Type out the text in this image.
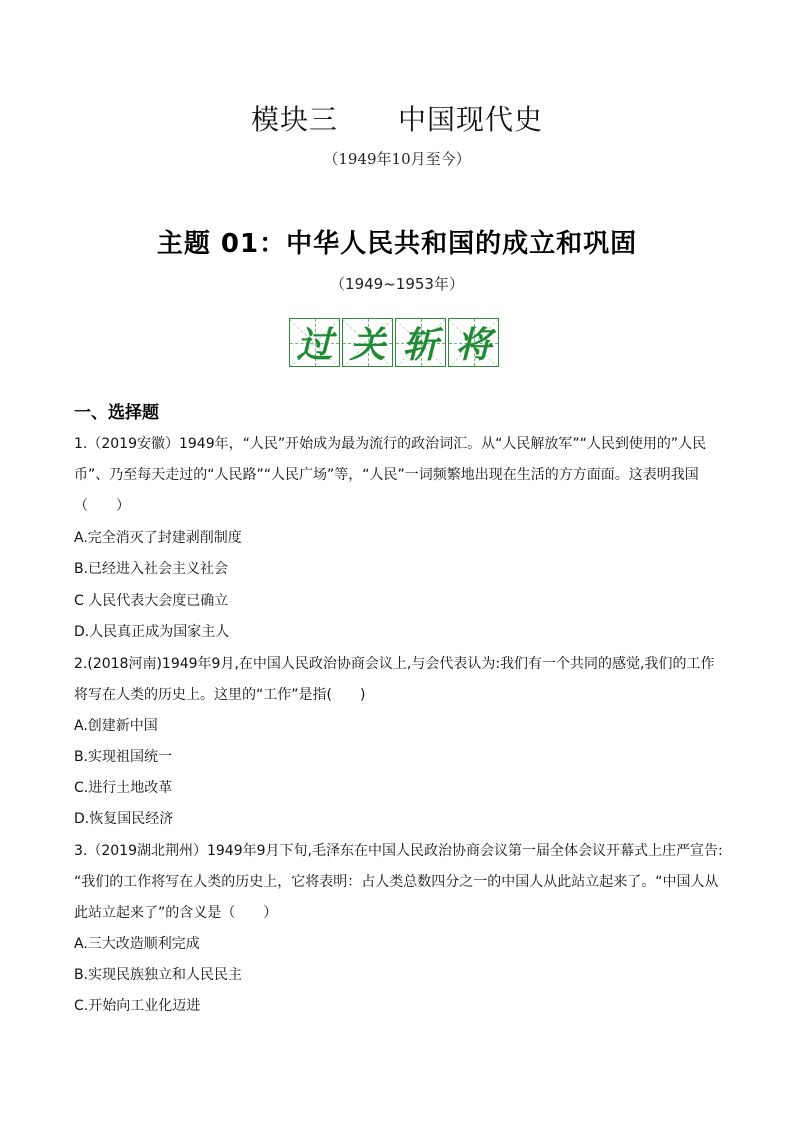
模块三 中国现代史
（1949年10月至今）
主题 01：中华人民共和国的成立和巩固
（1949~1953年）
过 关 斩 将
一、选择题
1.（2019安徽）1949年，“人民”开始成为最为流行的政治词汇。从“人民解放军”“人民到使用的”人民
币”、乃至每天走过的“人民路”“人民广场”等，“人民”一词频繁地出现在生活的方方面面。这表明我国
（　　）
A.完全消灭了封建剥削制度
B.已经进入社会主义社会
C 人民代表大会度已确立
D.人民真正成为国家主人
2.(2018河南)1949年9月,在中国人民政治协商会议上,与会代表认为:我们有一个共同的感觉,我们的工作
将写在人类的历史上。这里的“工作”是指(　　)
A.创建新中国
B.实现祖国统一
C.进行土地改革
D.恢复国民经济
3.（2019湖北荆州）1949年9月下旬,毛泽东在中国人民政治协商会议第一届全体会议开幕式上庄严宣告:
“我们的工作将写在人类的历史上，它将表明：占人类总数四分之一的中国人从此站立起来了。“中国人从
此站立起来了”的含义是（　　）
A.三大改造顺利完成
B.实现民族独立和人民民主
C.开始向工业化迈进
